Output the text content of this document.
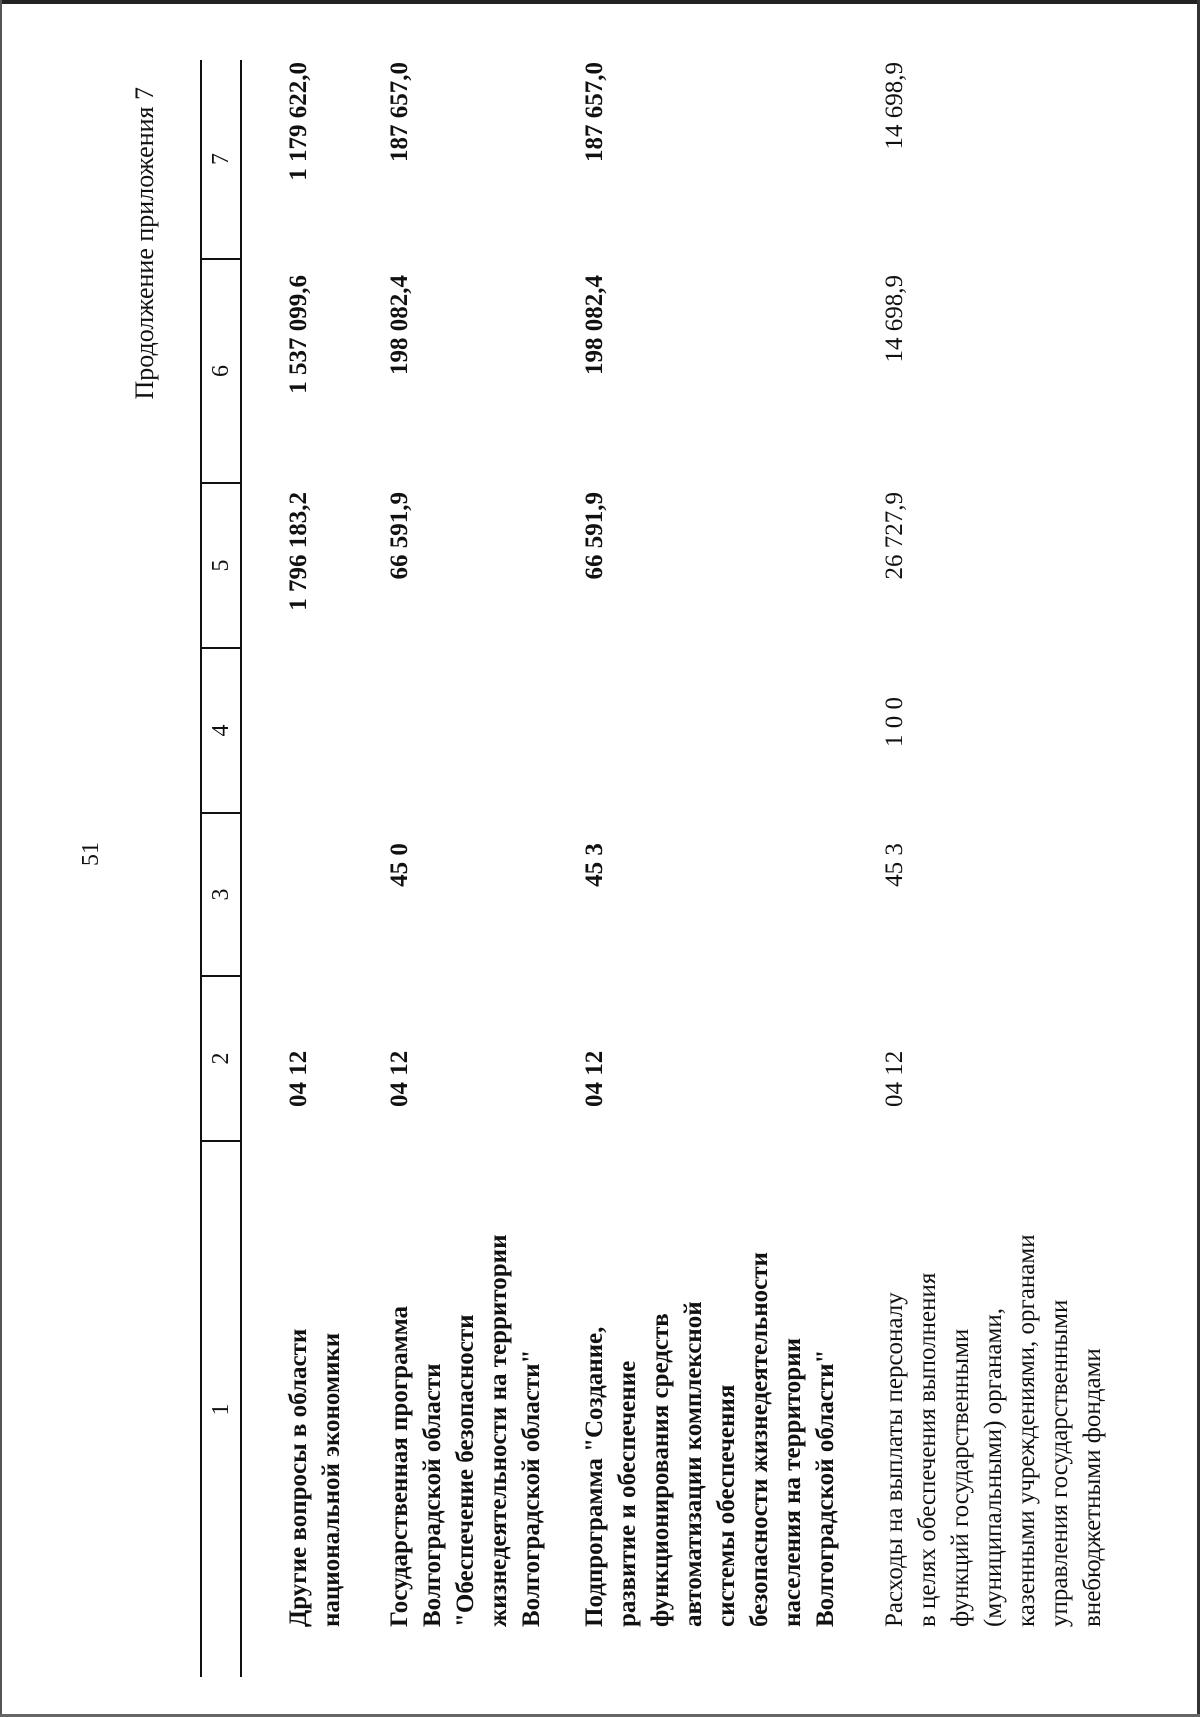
51
Продолжение приложения 7
1
2
3
4
5
6
7
Другие вопросы в области национальной экономики
04 12
1 796 183,2
1 537 099,6
1 179 622,0
Государственная программа Волгоградской области "Обеспечение безопасности жизнедеятельности на территории Волгоградской области"
04 12
45 0
66 591,9
198 082,4
187 657,0
Подпрограмма "Создание, развитие и обеспечение функционирования средств автоматизации комплексной системы обеспечения безопасности жизнедеятельности населения на территории Волгоградской области"
04 12
45 3
66 591,9
198 082,4
187 657,0
Расходы на выплаты персоналу в целях обеспечения выполнения функций государственными (муниципальными) органами, казенными учреждениями, органами управления государственными внебюджетными фондами
04 12
45 3
1 0 0
26 727,9
14 698,9
14 698,9
